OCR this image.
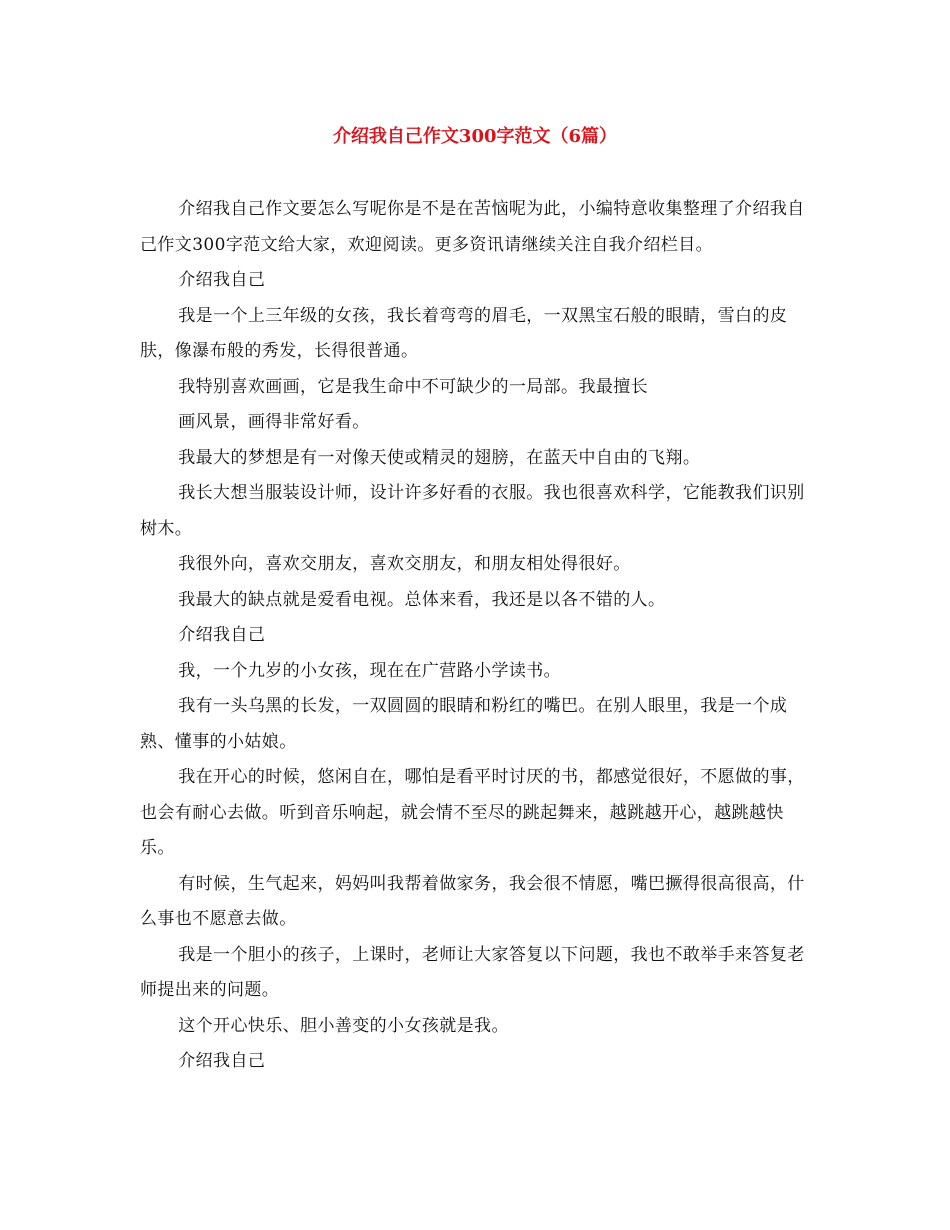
介绍我自己作文300字范文（6篇）

介绍我自己作文要怎么写呢你是不是在苦恼呢为此，小编特意收集整理了介绍我自己作文300字范文给大家，欢迎阅读。更多资讯请继续关注自我介绍栏目。

介绍我自己

我是一个上三年级的女孩，我长着弯弯的眉毛，一双黑宝石般的眼睛，雪白的皮肤，像瀑布般的秀发，长得很普通。

我特别喜欢画画，它是我生命中不可缺少的一局部。我最擅长

画风景，画得非常好看。

我最大的梦想是有一对像天使或精灵的翅膀，在蓝天中自由的飞翔。

我长大想当服装设计师，设计许多好看的衣服。我也很喜欢科学，它能教我们识别树木。

我很外向，喜欢交朋友，喜欢交朋友，和朋友相处得很好。

我最大的缺点就是爱看电视。总体来看，我还是以各不错的人。

介绍我自己

我，一个九岁的小女孩，现在在广营路小学读书。

我有一头乌黑的长发，一双圆圆的眼睛和粉红的嘴巴。在别人眼里，我是一个成熟、懂事的小姑娘。

我在开心的时候，悠闲自在，哪怕是看平时讨厌的书，都感觉很好，不愿做的事，也会有耐心去做。听到音乐响起，就会情不至尽的跳起舞来，越跳越开心，越跳越快乐。

有时候，生气起来，妈妈叫我帮着做家务，我会很不情愿，嘴巴撅得很高很高，什么事也不愿意去做。

我是一个胆小的孩子，上课时，老师让大家答复以下问题，我也不敢举手来答复老师提出来的问题。

这个开心快乐、胆小善变的小女孩就是我。

介绍我自己
